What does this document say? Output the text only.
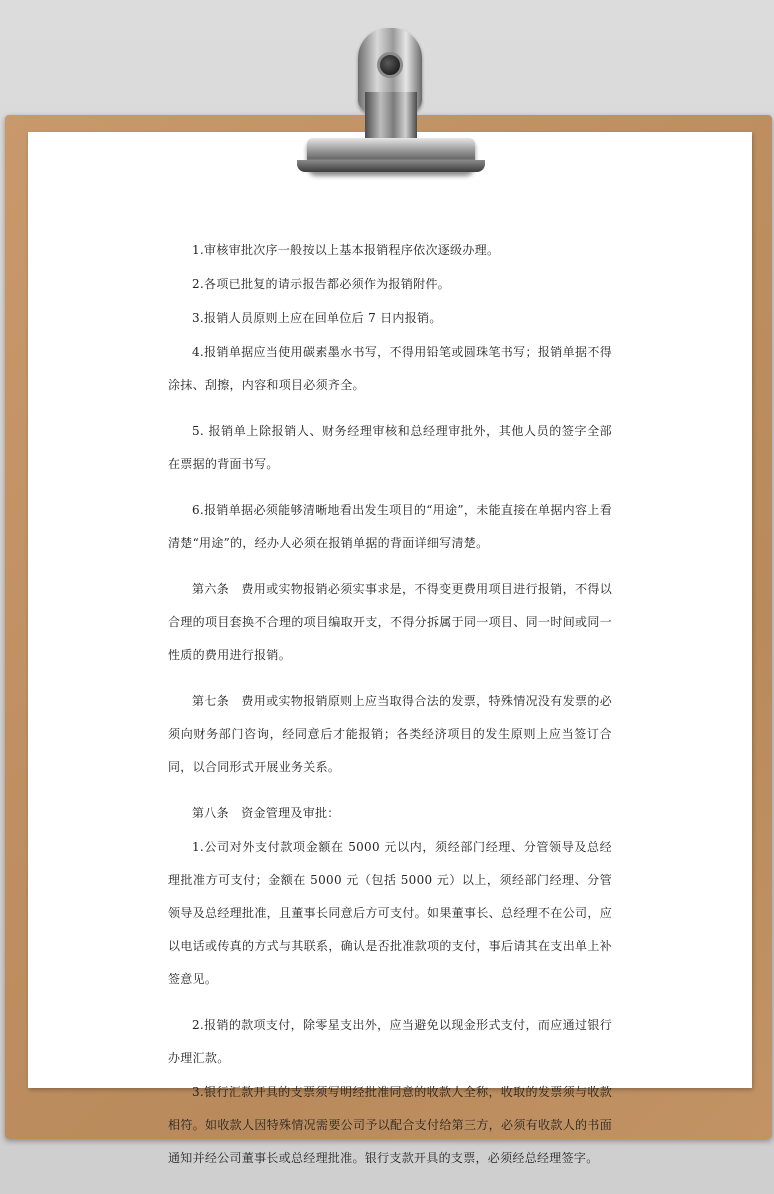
1.审核审批次序一般按以上基本报销程序依次逐级办理。

2.各项已批复的请示报告都必须作为报销附件。

3.报销人员原则上应在回单位后 7 日内报销。

4.报销单据应当使用碳素墨水书写，不得用铅笔或圆珠笔书写；报销单据不得涂抹、刮擦，内容和项目必须齐全。

5. 报销单上除报销人、财务经理审核和总经理审批外，其他人员的签字全部在票据的背面书写。

6.报销单据必须能够清晰地看出发生项目的“用途”，未能直接在单据内容上看清楚“用途”的，经办人必须在报销单据的背面详细写清楚。

第六条　费用或实物报销必须实事求是，不得变更费用项目进行报销，不得以合理的项目套换不合理的项目编取开支，不得分拆属于同一项目、同一时间或同一性质的费用进行报销。

第七条　费用或实物报销原则上应当取得合法的发票，特殊情况没有发票的必须向财务部门咨询，经同意后才能报销；各类经济项目的发生原则上应当签订合同，以合同形式开展业务关系。

第八条　资金管理及审批：

1.公司对外支付款项金额在 5000 元以内，须经部门经理、分管领导及总经理批准方可支付；金额在 5000 元（包括 5000 元）以上，须经部门经理、分管领导及总经理批准，且董事长同意后方可支付。如果董事长、总经理不在公司，应以电话或传真的方式与其联系，确认是否批准款项的支付，事后请其在支出单上补签意见。

2.报销的款项支付，除零星支出外，应当避免以现金形式支付，而应通过银行办理汇款。

3.银行汇款开具的支票须写明经批准同意的收款人全称，收取的发票须与收款相符。如收款人因特殊情况需要公司予以配合支付给第三方，必须有收款人的书面通知并经公司董事长或总经理批准。银行支款开具的支票，必须经总经理签字。
